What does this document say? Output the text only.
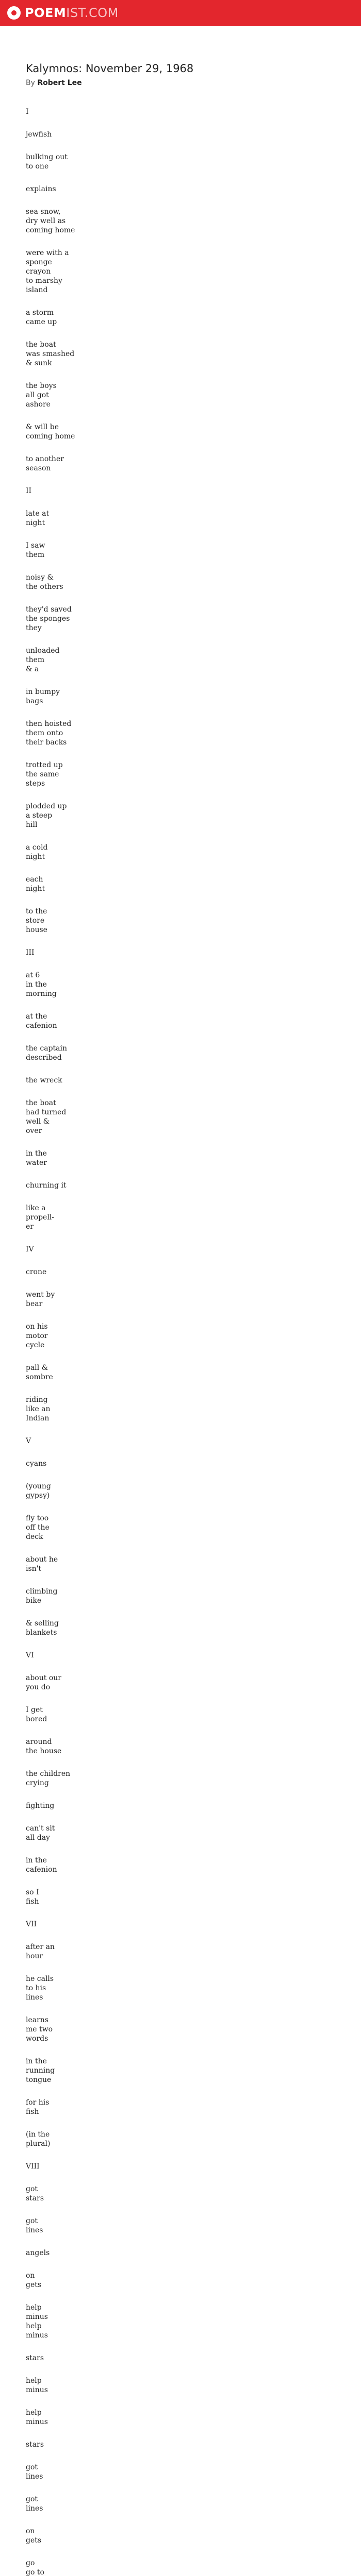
POEMIST.COM
Kalymnos: November 29, 1968
By Robert Lee
I
jewfish
bulking out
to one
explains
sea snow,
dry well as
coming home
were with a
sponge crayon
to marshy
island
a storm
came up
the boat
was smashed
& sunk
the boys
all got
ashore
& will be
coming home
to another
season
II
late at
night
I saw
them
noisy &
the others
they'd saved
the sponges
they
unloaded them
& a
in bumpy
bags
then hoisted
them onto
their backs
trotted up
the same
steps
plodded up
a steep
hill
a cold
night
each
night
to the
store
house
III
at 6
in the
morning
at the
cafenion
the captain
described
the wreck
the boat
had turned
well &
over
in the
water
churning it
like a
propell-
er
IV
crone
went by
bear
on his
motor
cycle
pall &
sombre
riding
like an
Indian
V
cyans
(young
gypsy)
fly too
off the
deck
about he
isn't
climbing
bike
& selling
blankets
VI
about our
you do
I get
bored
around
the house
the children
crying
fighting
can't sit
all day
in the
cafenion
so I
fish
VII
after an
hour
he calls
to his
lines
learns
me two
words
in the
running
tongue
for his
fish
(in the
plural)
VIII
got
stars
got
lines
angels
on
gets
help
minus
help
minus
stars
help
minus
help
minus
stars
got
lines
got
lines
on
gets
go
go to
